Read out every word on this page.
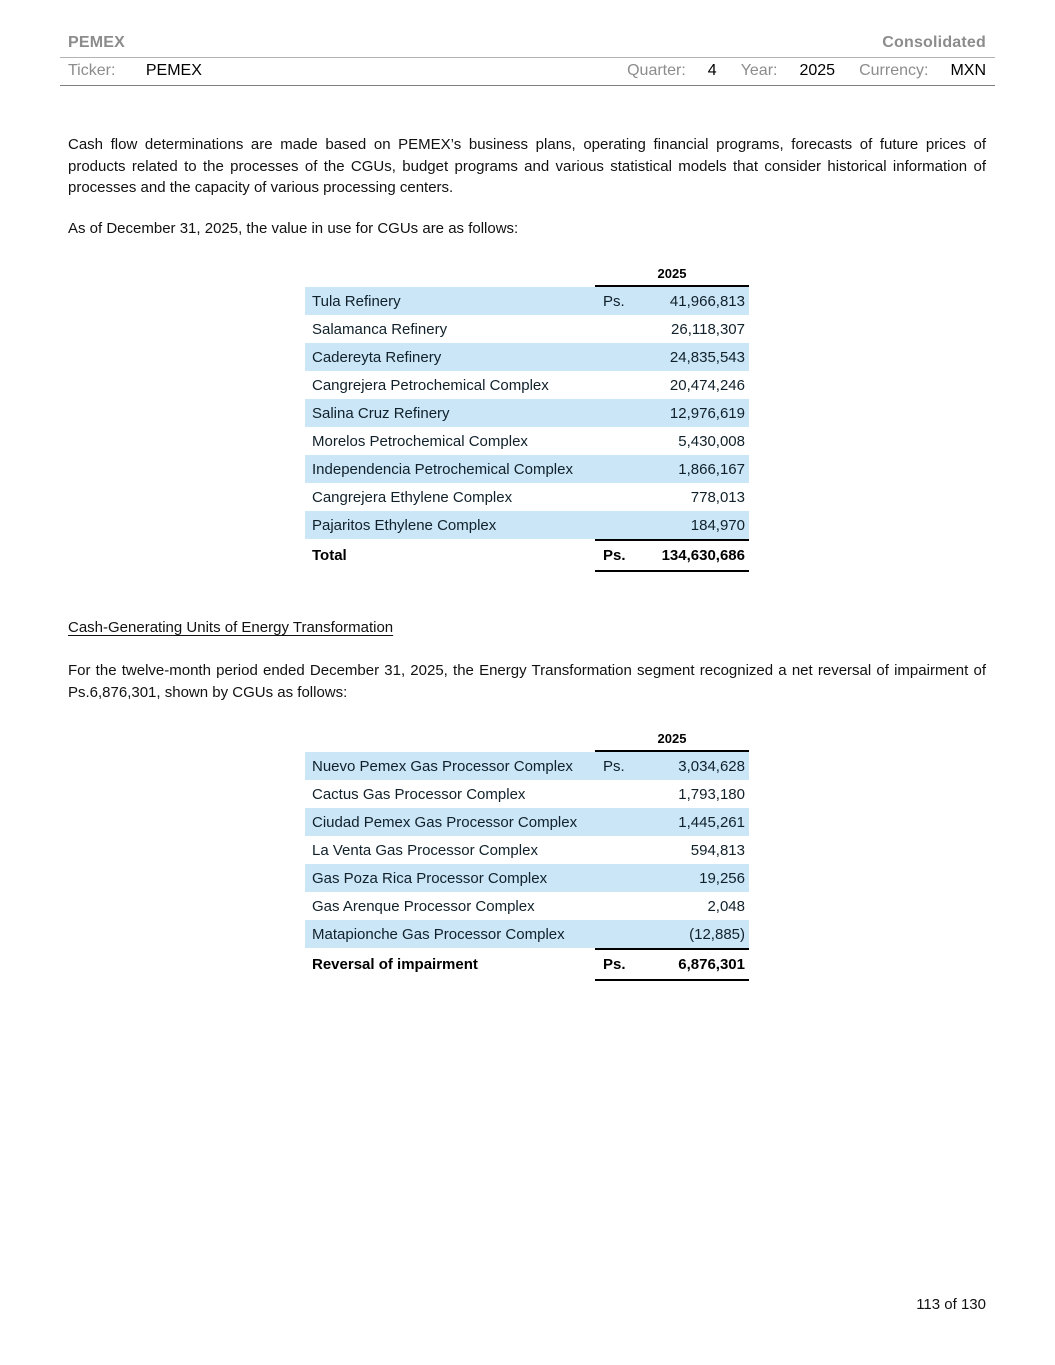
PEMEX	Consolidated
Ticker: PEMEX	Quarter: 4 Year: 2025 Currency: MXN
Cash flow determinations are made based on PEMEX’s business plans, operating financial programs, forecasts of future prices of products related to the processes of the CGUs, budget programs and various statistical models that consider historical information of processes and the capacity of various processing centers.
As of December 31, 2025, the value in use for CGUs are as follows:
2025
Tula Refinery	Ps.	41,966,813
Salamanca Refinery	26,118,307
Cadereyta Refinery	24,835,543
Cangrejera Petrochemical Complex	20,474,246
Salina Cruz Refinery	12,976,619
Morelos Petrochemical Complex	5,430,008
Independencia Petrochemical Complex	1,866,167
Cangrejera Ethylene Complex	778,013
Pajaritos Ethylene Complex	184,970
Total	Ps. 134,630,686
Cash-Generating Units of Energy Transformation
For the twelve-month period ended December 31, 2025, the Energy Transformation segment recognized a net reversal of impairment of Ps.6,876,301, shown by CGUs as follows:
2025
Nuevo Pemex Gas Processor Complex	Ps.	3,034,628
Cactus Gas Processor Complex	1,793,180
Ciudad Pemex Gas Processor Complex	1,445,261
La Venta Gas Processor Complex	594,813
Gas Poza Rica Processor Complex	19,256
Gas Arenque Processor Complex	2,048
Matapionche Gas Processor Complex	(12,885)
Reversal of impairment	Ps.	6,876,301
113 of 130
